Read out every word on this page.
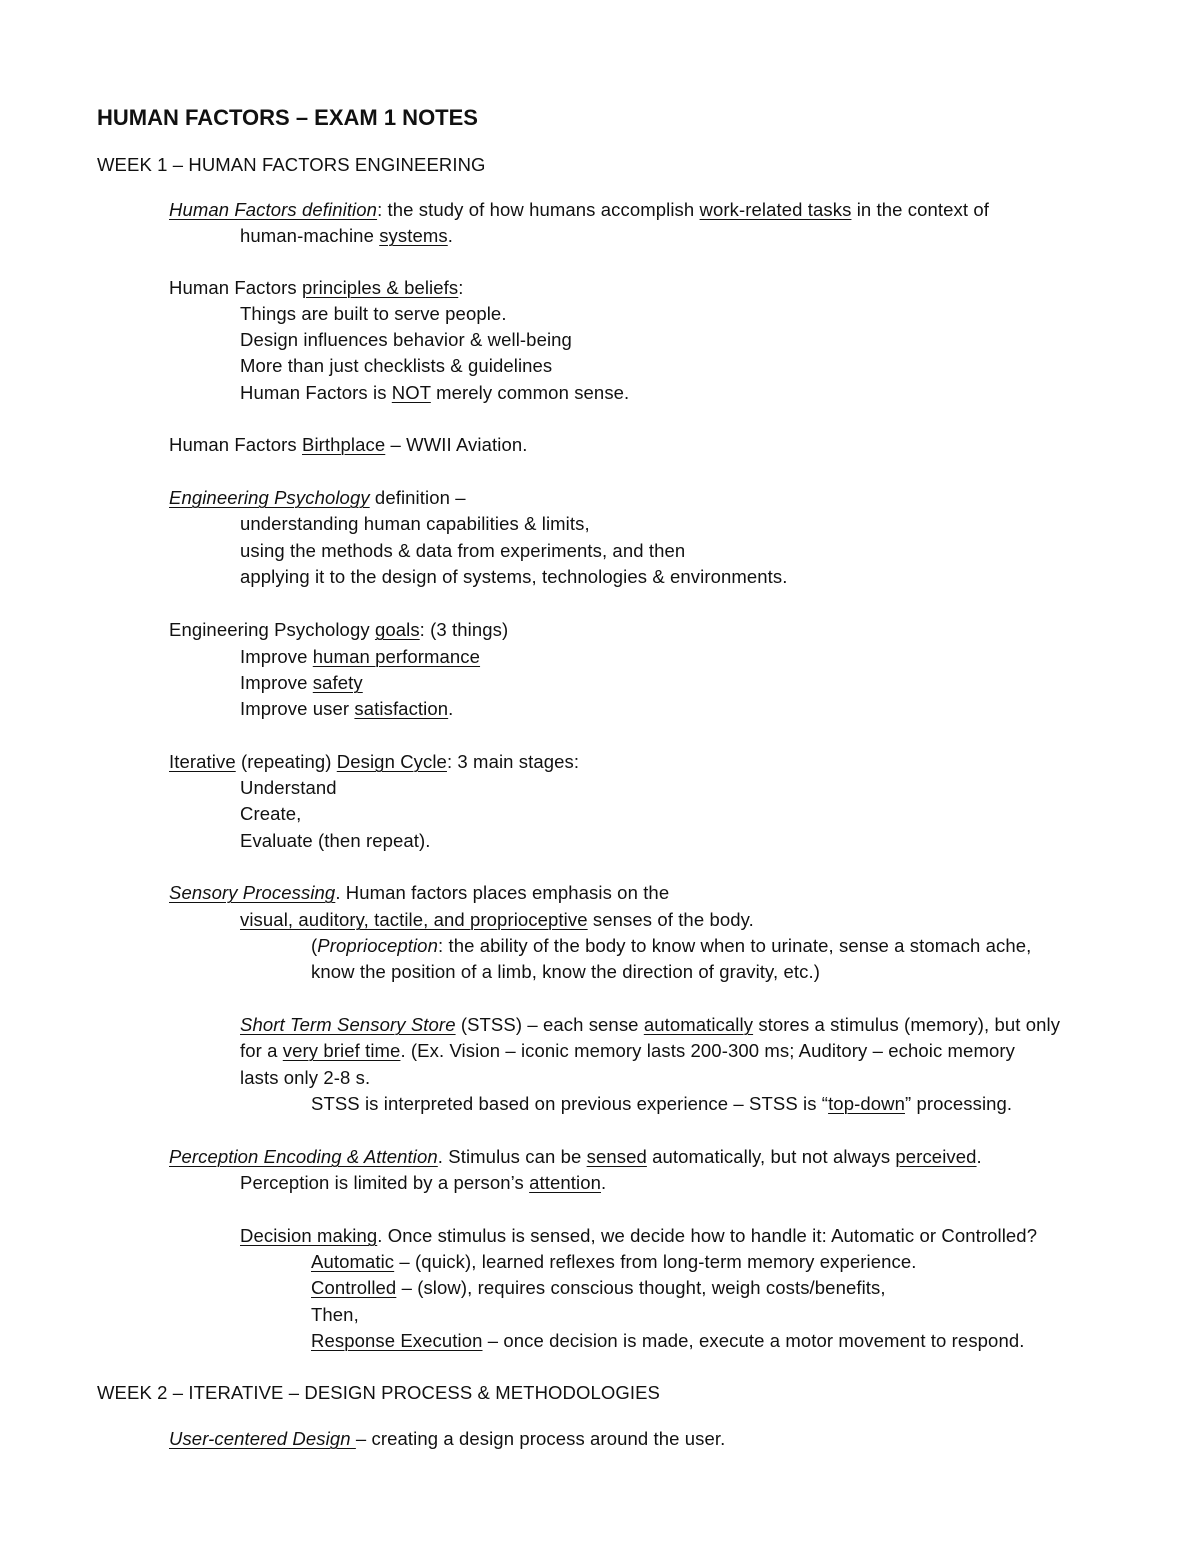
HUMAN FACTORS – EXAM 1 NOTES
WEEK 1 – HUMAN FACTORS ENGINEERING
Human Factors definition: the study of how humans accomplish work-related tasks in the context of
human-machine systems.
Human Factors principles & beliefs:
Things are built to serve people.
Design influences behavior & well-being
More than just checklists & guidelines
Human Factors is NOT merely common sense.
Human Factors Birthplace – WWII Aviation.
Engineering Psychology definition –
understanding human capabilities & limits,
using the methods & data from experiments, and then
applying it to the design of systems, technologies & environments.
Engineering Psychology goals: (3 things)
Improve human performance
Improve safety
Improve user satisfaction.
Iterative (repeating) Design Cycle: 3 main stages:
Understand
Create,
Evaluate (then repeat).
Sensory Processing. Human factors places emphasis on the
visual, auditory, tactile, and proprioceptive senses of the body.
(Proprioception: the ability of the body to know when to urinate, sense a stomach ache,
know the position of a limb, know the direction of gravity, etc.)
Short Term Sensory Store (STSS) – each sense automatically stores a stimulus (memory), but only
for a very brief time. (Ex. Vision – iconic memory lasts 200-300 ms; Auditory – echoic memory
lasts only 2-8 s.
STSS is interpreted based on previous experience – STSS is “top-down” processing.
Perception Encoding & Attention. Stimulus can be sensed automatically, but not always perceived.
Perception is limited by a person’s attention.
Decision making. Once stimulus is sensed, we decide how to handle it: Automatic or Controlled?
Automatic – (quick), learned reflexes from long-term memory experience.
Controlled – (slow), requires conscious thought, weigh costs/benefits,
Then,
Response Execution – once decision is made, execute a motor movement to respond.
WEEK 2 – ITERATIVE – DESIGN PROCESS & METHODOLOGIES
User-centered Design – creating a design process around the user.
